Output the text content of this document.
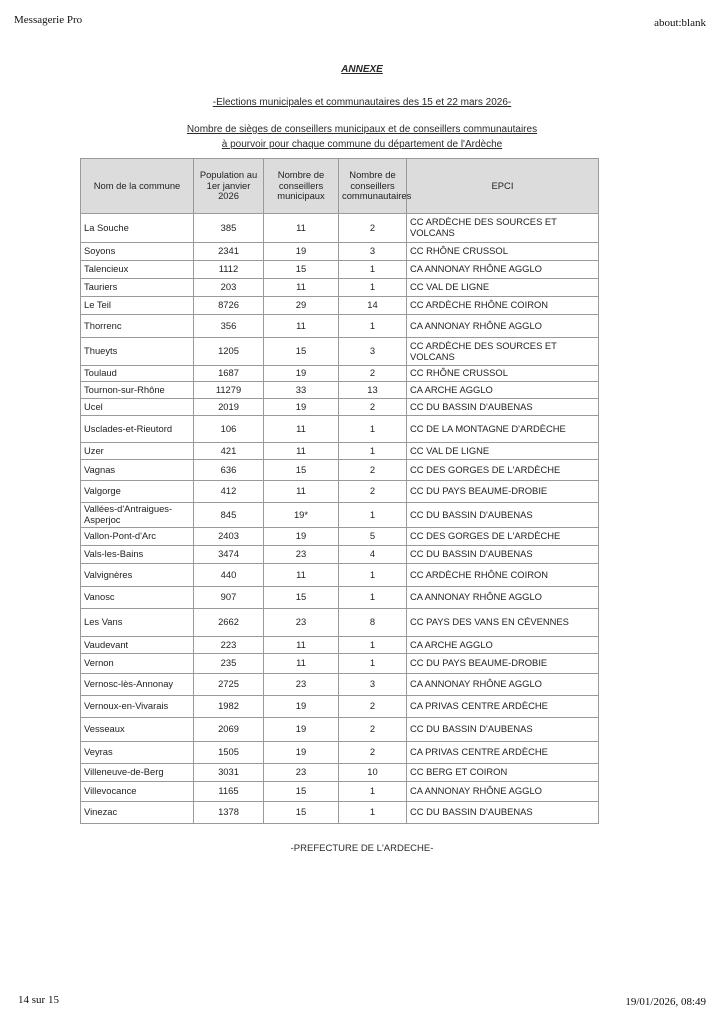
Messagerie Pro	about:blank
ANNEXE
-Elections municipales et communautaires des 15 et 22 mars 2026-
Nombre de sièges de conseillers municipaux et de conseillers communautaires
à pourvoir pour chaque commune du département de l'Ardèche
Nom de la commune	Population au 1er janvier 2026	Nombre de conseillers municipaux	Nombre de conseillers communautaires	EPCI
La Souche	385	11	2	CC ARDÈCHE DES SOURCES ET VOLCANS
Soyons	2341	19	3	CC RHÔNE CRUSSOL
Talencieux	1112	15	1	CA ANNONAY RHÔNE AGGLO
Tauriers	203	11	1	CC VAL DE LIGNE
Le Teil	8726	29	14	CC ARDÈCHE RHÔNE COIRON
Thorrenc	356	11	1	CA ANNONAY RHÔNE AGGLO
Thueyts	1205	15	3	CC ARDÈCHE DES SOURCES ET VOLCANS
Toulaud	1687	19	2	CC RHÔNE CRUSSOL
Tournon-sur-Rhône	11279	33	13	CA ARCHE AGGLO
Ucel	2019	19	2	CC DU BASSIN D'AUBENAS
Usclades-et-Rieutord	106	11	1	CC DE LA MONTAGNE D'ARDÈCHE
Uzer	421	11	1	CC VAL DE LIGNE
Vagnas	636	15	2	CC DES GORGES DE L'ARDÈCHE
Valgorge	412	11	2	CC DU PAYS BEAUME-DROBIE
Vallées-d'Antraigues-Asperjoc	845	19*	1	CC DU BASSIN D'AUBENAS
Vallon-Pont-d'Arc	2403	19	5	CC DES GORGES DE L'ARDÈCHE
Vals-les-Bains	3474	23	4	CC DU BASSIN D'AUBENAS
Valvignères	440	11	1	CC ARDÈCHE RHÔNE COIRON
Vanosc	907	15	1	CA ANNONAY RHÔNE AGGLO
Les Vans	2662	23	8	CC PAYS DES VANS EN CÉVENNES
Vaudevant	223	11	1	CA ARCHE AGGLO
Vernon	235	11	1	CC DU PAYS BEAUME-DROBIE
Vernosc-lès-Annonay	2725	23	3	CA ANNONAY RHÔNE AGGLO
Vernoux-en-Vivarais	1982	19	2	CA PRIVAS CENTRE ARDÈCHE
Vesseaux	2069	19	2	CC DU BASSIN D'AUBENAS
Veyras	1505	19	2	CA PRIVAS CENTRE ARDÈCHE
Villeneuve-de-Berg	3031	23	10	CC BERG ET COIRON
Villevocance	1165	15	1	CA ANNONAY RHÔNE AGGLO
Vinezac	1378	15	1	CC DU BASSIN D'AUBENAS
-PREFECTURE DE L'ARDECHE-
14 sur 15	19/01/2026, 08:49
